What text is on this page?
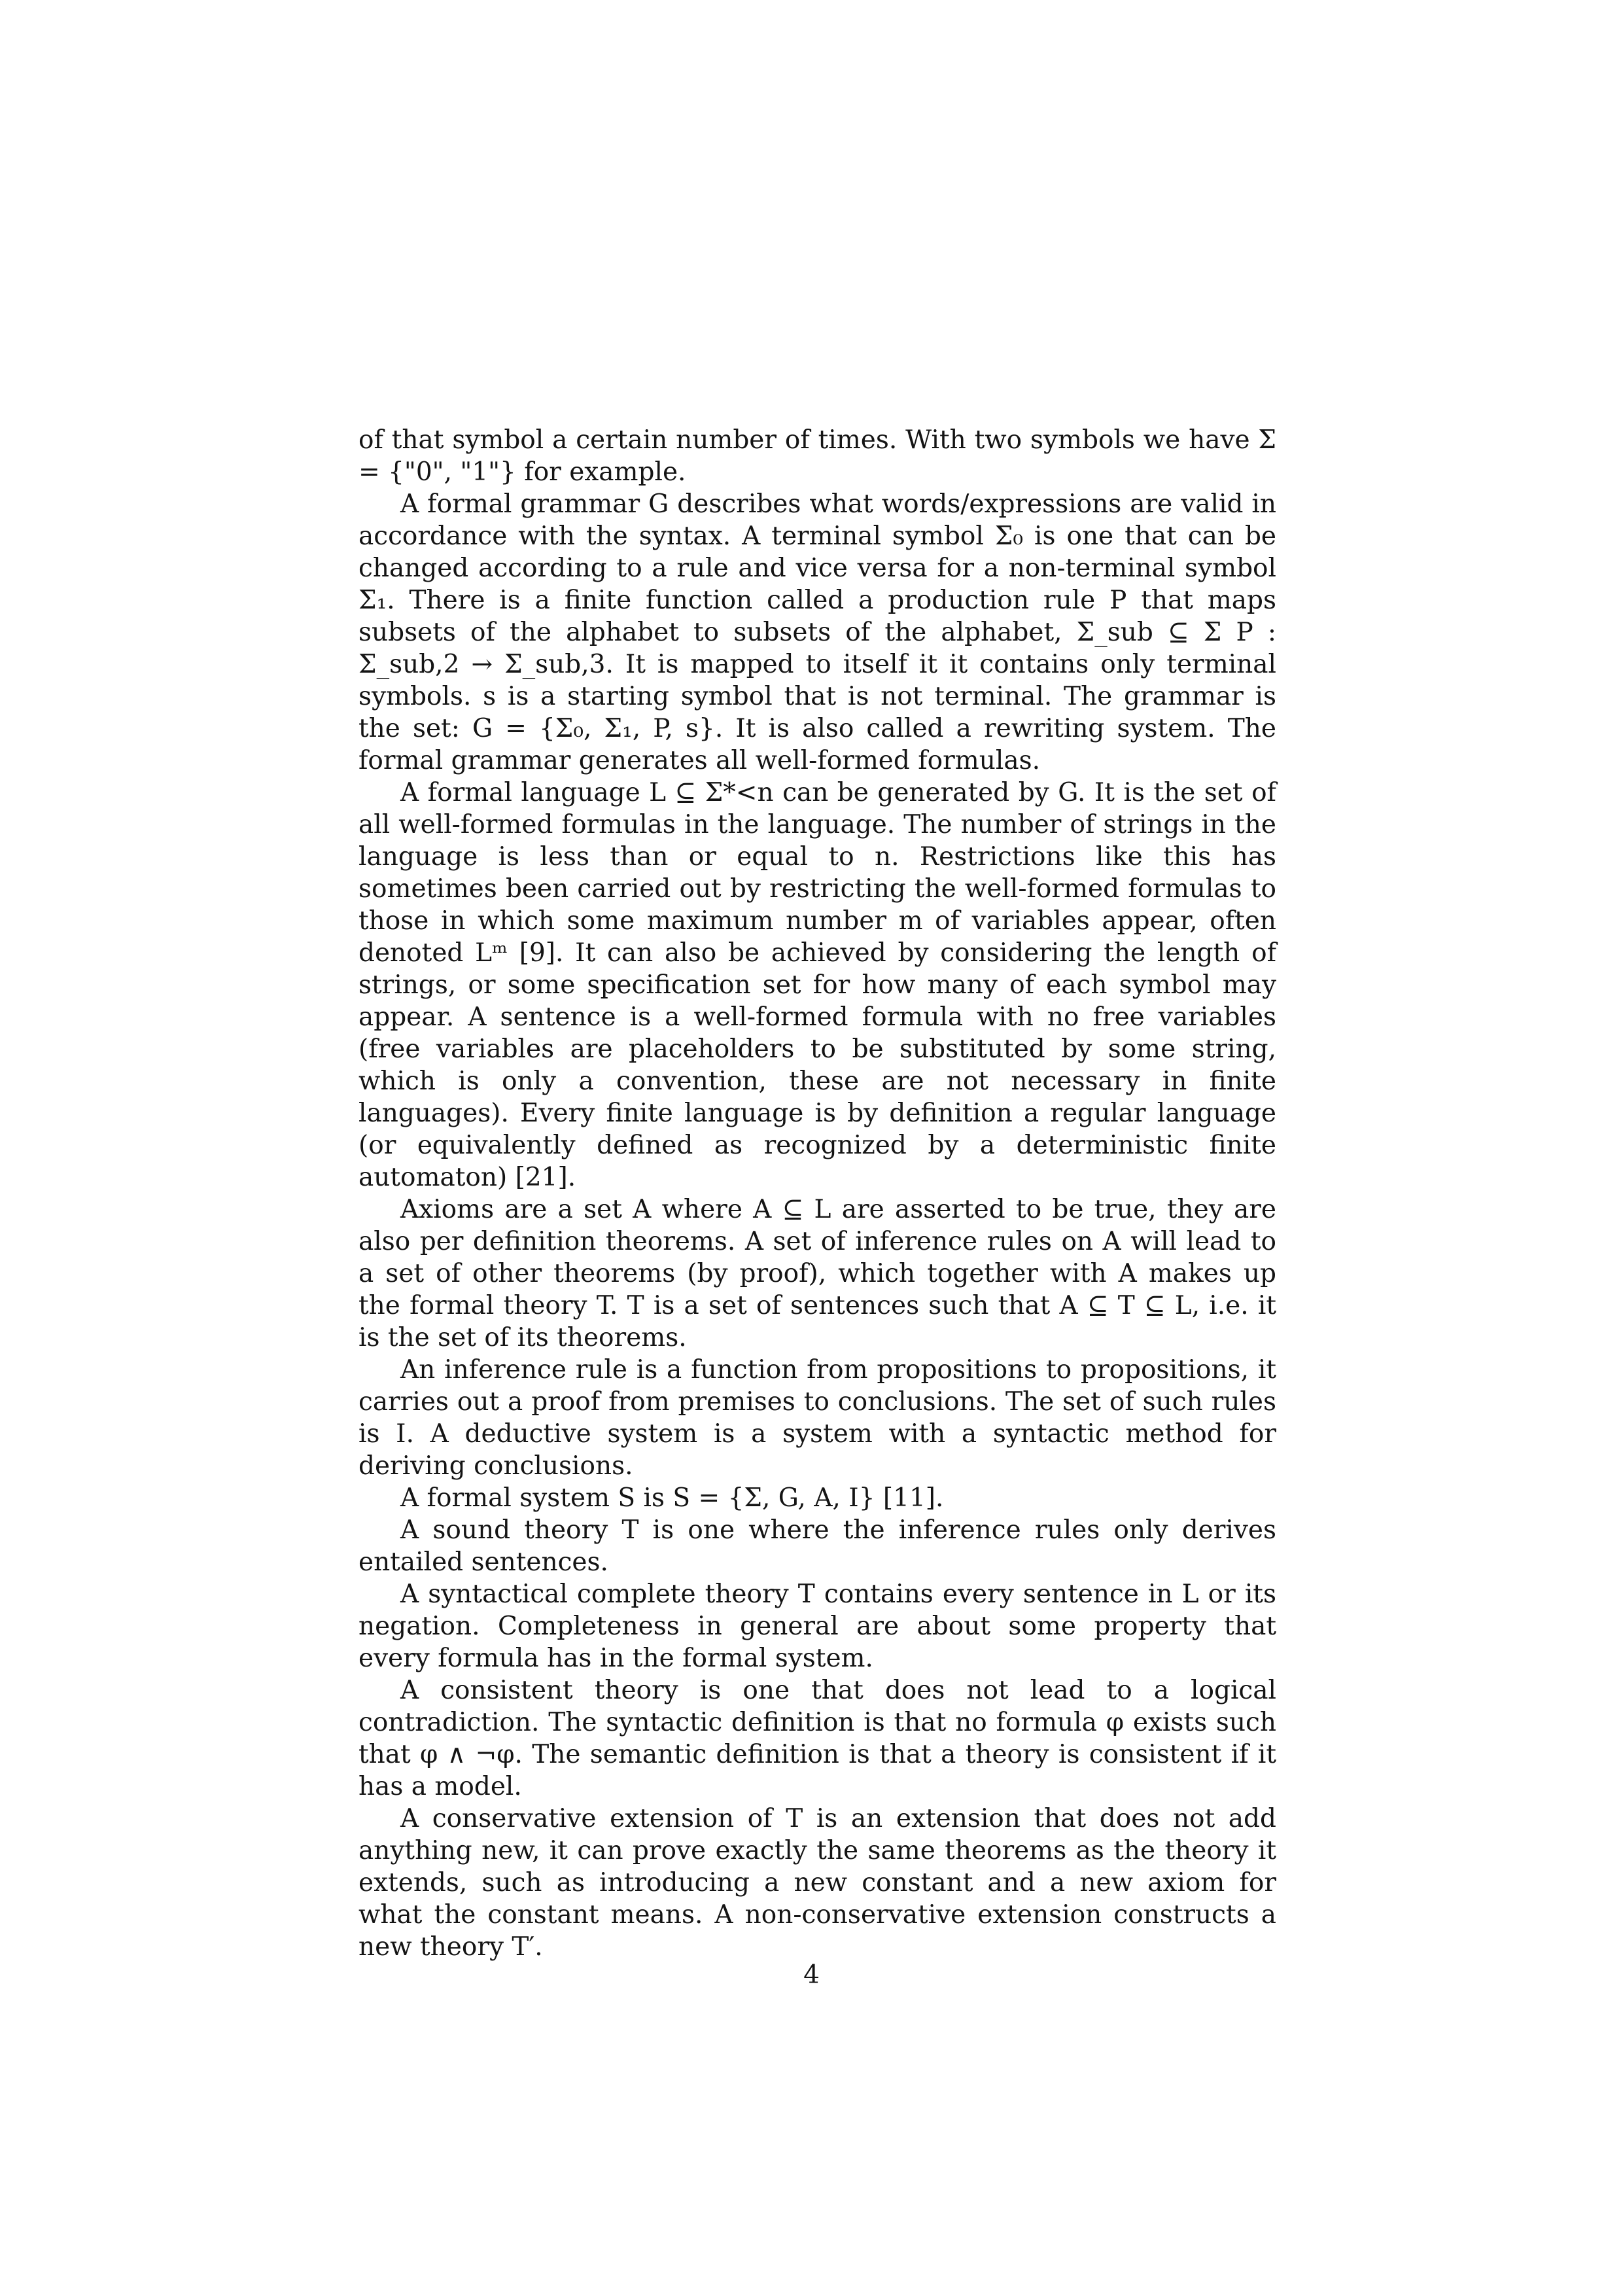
of that symbol a certain number of times. With two symbols we have Σ = {"0", "1"} for example.

A formal grammar G describes what words/expressions are valid in accordance with the syntax. A terminal symbol Σ₀ is one that can be changed according to a rule and vice versa for a non-terminal symbol Σ₁. There is a finite function called a production rule P that maps subsets of the alphabet to subsets of the alphabet, Σ_sub ⊆ Σ P : Σ_sub,2 → Σ_sub,3. It is mapped to itself it it contains only terminal symbols. s is a starting symbol that is not terminal. The grammar is the set: G = {Σ₀, Σ₁, P, s}. It is also called a rewriting system. The formal grammar generates all well-formed formulas.

A formal language L ⊆ Σ*<n can be generated by G. It is the set of all well-formed formulas in the language. The number of strings in the language is less than or equal to n. Restrictions like this has sometimes been carried out by restricting the well-formed formulas to those in which some maximum number m of variables appear, often denoted Lᵐ [9]. It can also be achieved by considering the length of strings, or some specification set for how many of each symbol may appear. A sentence is a well-formed formula with no free variables (free variables are placeholders to be substituted by some string, which is only a convention, these are not necessary in finite languages). Every finite language is by definition a regular language (or equivalently defined as recognized by a deterministic finite automaton) [21].

Axioms are a set A where A ⊆ L are asserted to be true, they are also per definition theorems. A set of inference rules on A will lead to a set of other theorems (by proof), which together with A makes up the formal theory T. T is a set of sentences such that A ⊆ T ⊆ L, i.e. it is the set of its theorems.

An inference rule is a function from propositions to propositions, it carries out a proof from premises to conclusions. The set of such rules is I. A deductive system is a system with a syntactic method for deriving conclusions.

A formal system S is S = {Σ, G, A, I} [11].

A sound theory T is one where the inference rules only derives entailed sentences.

A syntactical complete theory T contains every sentence in L or its negation. Completeness in general are about some property that every formula has in the formal system.

A consistent theory is one that does not lead to a logical contradiction. The syntactic definition is that no formula φ exists such that φ ∧ ¬φ. The semantic definition is that a theory is consistent if it has a model.

A conservative extension of T is an extension that does not add anything new, it can prove exactly the same theorems as the theory it extends, such as introducing a new constant and a new axiom for what the constant means. A non-conservative extension constructs a new theory T′.

4
